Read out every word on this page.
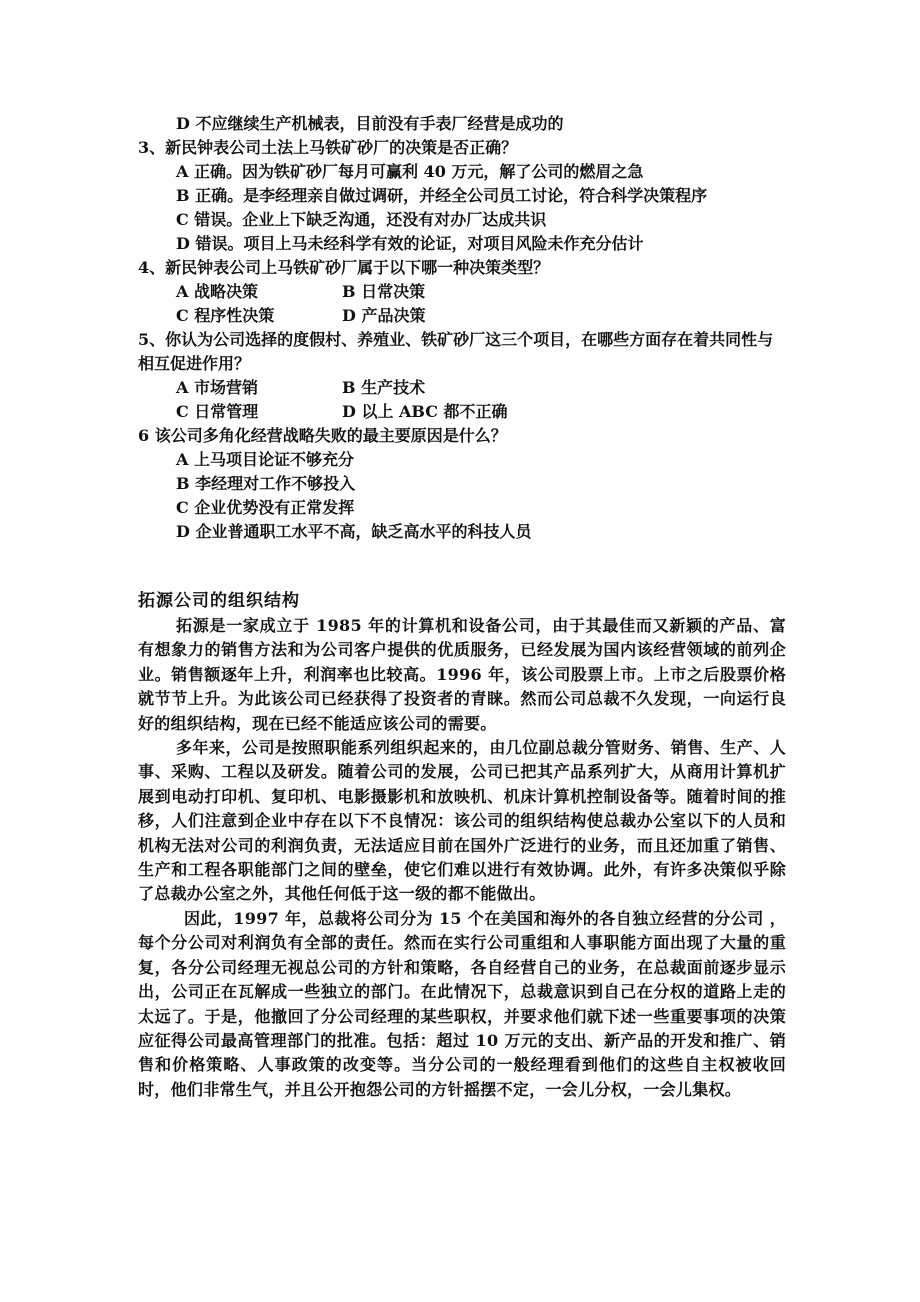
D 不应继续生产机械表，目前没有手表厂经营是成功的
3、新民钟表公司土法上马铁矿砂厂的决策是否正确？
A 正确。因为铁矿砂厂每月可赢利 40 万元，解了公司的燃眉之急
B 正确。是李经理亲自做过调研，并经全公司员工讨论，符合科学决策程序
C 错误。企业上下缺乏沟通，还没有对办厂达成共识
D 错误。项目上马未经科学有效的论证，对项目风险未作充分估计
4、新民钟表公司上马铁矿砂厂属于以下哪一种决策类型？
A 战略决策	B 日常决策
C 程序性决策	D 产品决策
5、你认为公司选择的度假村、养殖业、铁矿砂厂这三个项目，在哪些方面存在着共同性与相互促进作用？
A 市场营销	B 生产技术
C 日常管理	D 以上 ABC 都不正确
6 该公司多角化经营战略失败的最主要原因是什么？
A 上马项目论证不够充分
B 李经理对工作不够投入
C 企业优势没有正常发挥
D 企业普通职工水平不高，缺乏高水平的科技人员
拓源公司的组织结构

拓源是一家成立于 1985 年的计算机和设备公司，由于其最佳而又新颖的产品、富有想象力的销售方法和为公司客户提供的优质服务，已经发展为国内该经营领域的前列企业。销售额逐年上升，利润率也比较高。1996 年，该公司股票上市。上市之后股票价格就节节上升。为此该公司已经获得了投资者的青睐。然而公司总裁不久发现，一向运行良好的组织结构，现在已经不能适应该公司的需要。

多年来，公司是按照职能系列组织起来的，由几位副总裁分管财务、销售、生产、人事、采购、工程以及研发。随着公司的发展，公司已把其产品系列扩大，从商用计算机扩展到电动打印机、复印机、电影摄影机和放映机、机床计算机控制设备等。随着时间的推移，人们注意到企业中存在以下不良情况：该公司的组织结构使总裁办公室以下的人员和机构无法对公司的利润负责，无法适应目前在国外广泛进行的业务，而且还加重了销售、生产和工程各职能部门之间的壁垒，使它们难以进行有效协调。此外，有许多决策似乎除了总裁办公室之外，其他任何低于这一级的都不能做出。

因此，1997 年，总裁将公司分为 15 个在美国和海外的各自独立经营的分公司 ，每个分公司对利润负有全部的责任。然而在实行公司重组和人事职能方面出现了大量的重复，各分公司经理无视总公司的方针和策略，各自经营自己的业务，在总裁面前逐步显示出，公司正在瓦解成一些独立的部门。在此情况下，总裁意识到自己在分权的道路上走的太远了。于是，他撤回了分公司经理的某些职权，并要求他们就下述一些重要事项的决策应征得公司最高管理部门的批准。包括：超过 10 万元的支出、新产品的开发和推广、销售和价格策略、人事政策的改变等。当分公司的一般经理看到他们的这些自主权被收回时，他们非常生气，并且公开抱怨公司的方针摇摆不定，一会儿分权，一会儿集权。
